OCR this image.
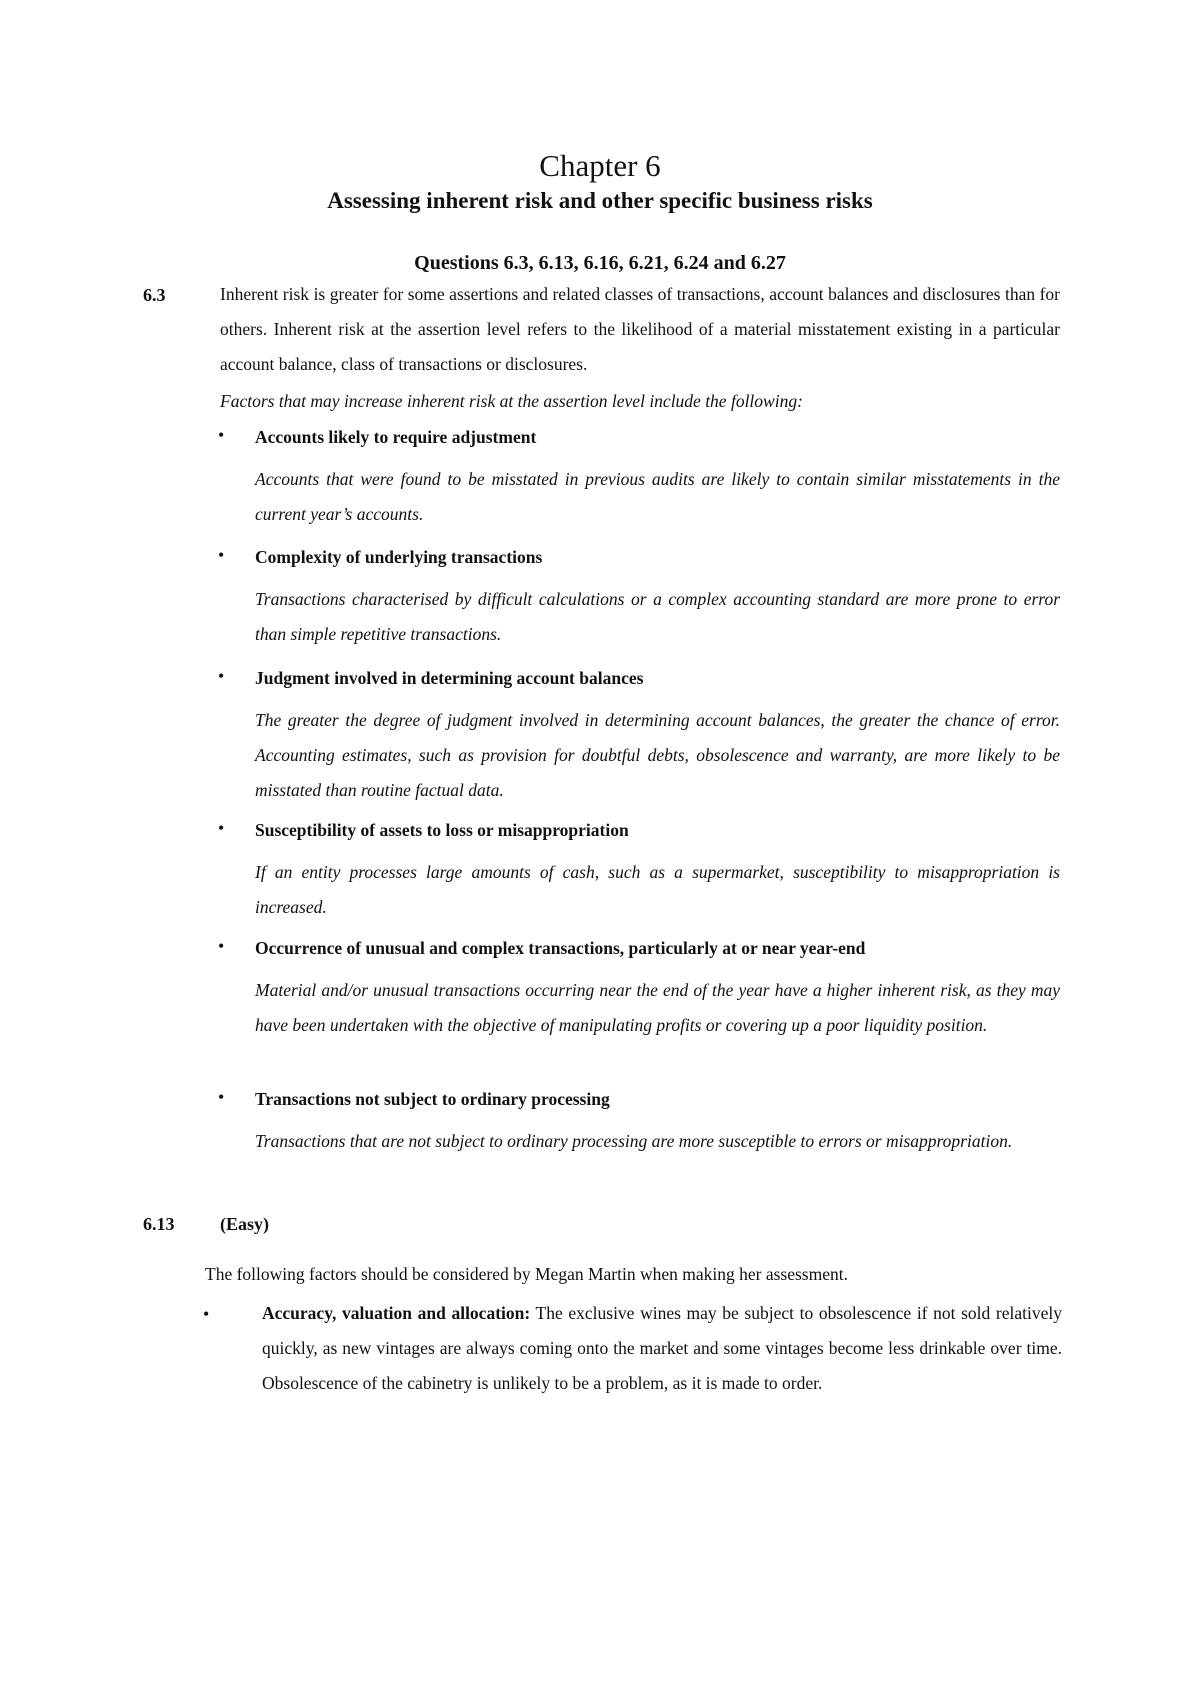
Chapter 6
Assessing inherent risk and other specific business risks
Questions 6.3, 6.13, 6.16, 6.21, 6.24 and 6.27
6.3	Inherent risk is greater for some assertions and related classes of transactions, account balances and disclosures than for others. Inherent risk at the assertion level refers to the likelihood of a material misstatement existing in a particular account balance, class of transactions or disclosures.

Factors that may increase inherent risk at the assertion level include the following:

• Accounts likely to require adjustment

Accounts that were found to be misstated in previous audits are likely to contain similar misstatements in the current year’s accounts.

• Complexity of underlying transactions

Transactions characterised by difficult calculations or a complex accounting standard are more prone to error than simple repetitive transactions.

• Judgment involved in determining account balances

The greater the degree of judgment involved in determining account balances, the greater the chance of error. Accounting estimates, such as provision for doubtful debts, obsolescence and warranty, are more likely to be misstated than routine factual data.

• Susceptibility of assets to loss or misappropriation

If an entity processes large amounts of cash, such as a supermarket, susceptibility to misappropriation is increased.

• Occurrence of unusual and complex transactions, particularly at or near year-end

Material and/or unusual transactions occurring near the end of the year have a higher inherent risk, as they may have been undertaken with the objective of manipulating profits or covering up a poor liquidity position.

• Transactions not subject to ordinary processing

Transactions that are not subject to ordinary processing are more susceptible to errors or misappropriation.

6.13	(Easy)
The following factors should be considered by Megan Martin when making her assessment.
•	Accuracy, valuation and allocation: The exclusive wines may be subject to obsolescence if not sold relatively quickly, as new vintages are always coming onto the market and some vintages become less drinkable over time. Obsolescence of the cabinetry is unlikely to be a problem, as it is made to order.
